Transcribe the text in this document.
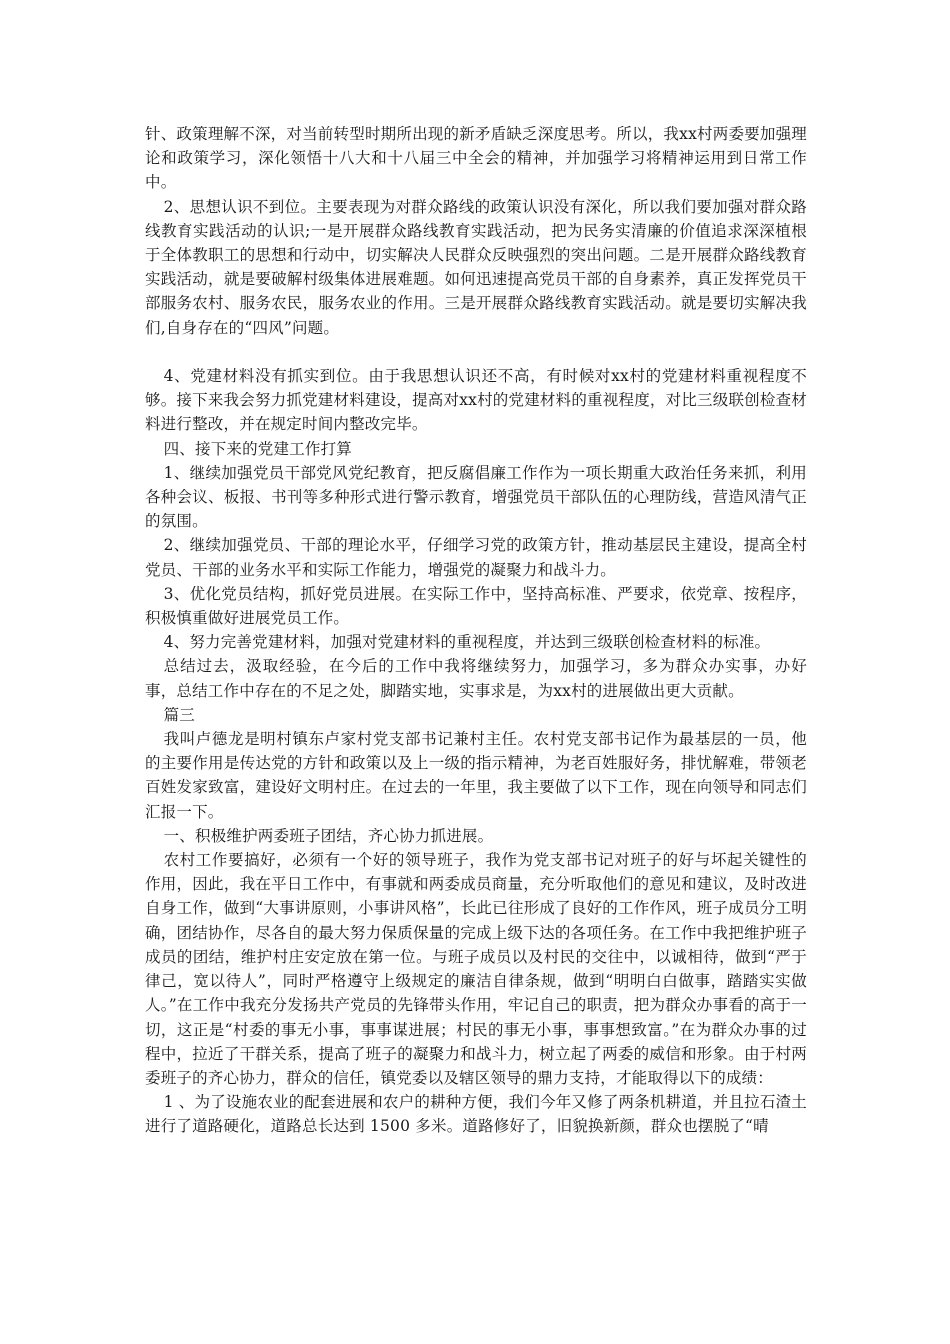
针、政策理解不深，对当前转型时期所出现的新矛盾缺乏深度思考。所以，我xx村两委要加强理论和政策学习，深化领悟十八大和十八届三中全会的精神，并加强学习将精神运用到日常工作中。

2、思想认识不到位。主要表现为对群众路线的政策认识没有深化，所以我们要加强对群众路线教育实践活动的认识;一是开展群众路线教育实践活动，把为民务实清廉的价值追求深深植根于全体教职工的思想和行动中，切实解决人民群众反映强烈的突出问题。二是开展群众路线教育实践活动，就是要破解村级集体进展难题。如何迅速提高党员干部的自身素养，真正发挥党员干部服务农村、服务农民，服务农业的作用。三是开展群众路线教育实践活动。就是要切实解决我们,自身存在的“四风”问题。

4、党建材料没有抓实到位。由于我思想认识还不高，有时候对xx村的党建材料重视程度不够。接下来我会努力抓党建材料建设，提高对xx村的党建材料的重视程度，对比三级联创检查材料进行整改，并在规定时间内整改完毕。

四、接下来的党建工作打算

1、继续加强党员干部党风党纪教育，把反腐倡廉工作作为一项长期重大政治任务来抓，利用各种会议、板报、书刊等多种形式进行警示教育，增强党员干部队伍的心理防线，营造风清气正的氛围。

2、继续加强党员、干部的理论水平，仔细学习党的政策方针，推动基层民主建设，提高全村党员、干部的业务水平和实际工作能力，增强党的凝聚力和战斗力。

3、优化党员结构，抓好党员进展。在实际工作中，坚持高标准、严要求，依党章、按程序，积极慎重做好进展党员工作。

4、努力完善党建材料，加强对党建材料的重视程度，并达到三级联创检查材料的标准。

总结过去，汲取经验，在今后的工作中我将继续努力，加强学习，多为群众办实事，办好事，总结工作中存在的不足之处，脚踏实地，实事求是，为xx村的进展做出更大贡献。

篇三

我叫卢德龙是明村镇东卢家村党支部书记兼村主任。农村党支部书记作为最基层的一员，他的主要作用是传达党的方针和政策以及上一级的指示精神，为老百姓服好务，排忧解难，带领老百姓发家致富，建设好文明村庄。在过去的一年里，我主要做了以下工作，现在向领导和同志们汇报一下。

一、积极维护两委班子团结，齐心协力抓进展。

农村工作要搞好，必须有一个好的领导班子，我作为党支部书记对班子的好与坏起关键性的作用，因此，我在平日工作中，有事就和两委成员商量，充分听取他们的意见和建议，及时改进自身工作，做到“大事讲原则，小事讲风格”，长此已往形成了良好的工作作风，班子成员分工明确，团结协作，尽各自的最大努力保质保量的完成上级下达的各项任务。在工作中我把维护班子成员的团结，维护村庄安定放在第一位。与班子成员以及村民的交往中，以诚相待，做到“严于律己，宽以待人”，同时严格遵守上级规定的廉洁自律条规，做到“明明白白做事，踏踏实实做人。”在工作中我充分发扬共产党员的先锋带头作用，牢记自己的职责，把为群众办事看的高于一切，这正是“村委的事无小事，事事谋进展；村民的事无小事，事事想致富。”在为群众办事的过程中，拉近了干群关系，提高了班子的凝聚力和战斗力，树立起了两委的威信和形象。由于村两委班子的齐心协力，群众的信任，镇党委以及辖区领导的鼎力支持，才能取得以下的成绩：

1 、为了设施农业的配套进展和农户的耕种方便，我们今年又修了两条机耕道，并且拉石渣土进行了道路硬化，道路总长达到 1500 多米。道路修好了，旧貌换新颜，群众也摆脱了“晴
